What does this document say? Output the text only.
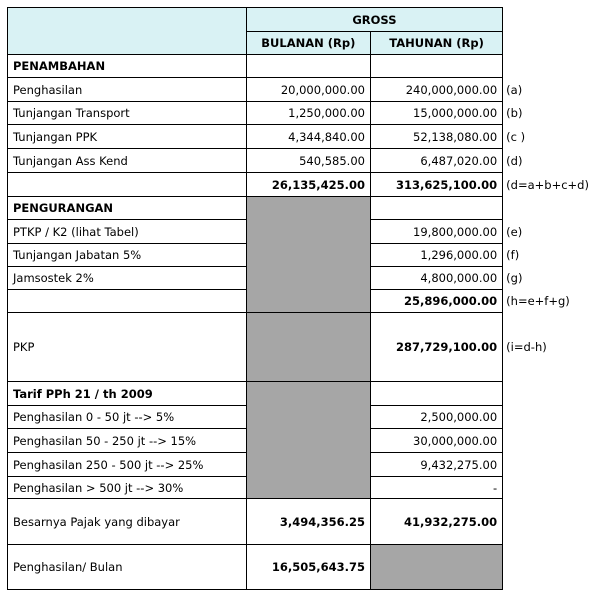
	GROSS		
	BULANAN (Rp)	TAHUNAN (Rp)	
PENAMBAHAN			
Penghasilan	20,000,000.00	240,000,000.00	(a)
Tunjangan Transport	1,250,000.00	15,000,000.00	(b)
Tunjangan PPK	4,344,840.00	52,138,080.00	(c )
Tunjangan Ass Kend	540,585.00	6,487,020.00	(d)
	26,135,425.00	313,625,100.00	(d=a+b+c+d)
PENGURANGAN			
PTKP / K2 (lihat Tabel)		19,800,000.00	(e)
Tunjangan Jabatan 5%		1,296,000.00	(f)
Jamsostek 2%		4,800,000.00	(g)
		25,896,000.00	(h=e+f+g)
PKP		287,729,100.00	(i=d-h)
Tarif PPh 21 / th 2009			
Penghasilan 0 - 50 jt --> 5%		2,500,000.00	
Penghasilan 50 - 250 jt --> 15%		30,000,000.00	
Penghasilan 250 - 500 jt --> 25%		9,432,275.00	
Penghasilan > 500 jt --> 30%		-	
Besarnya Pajak yang dibayar	3,494,356.25	41,932,275.00	
Penghasilan/ Bulan	16,505,643.75		
